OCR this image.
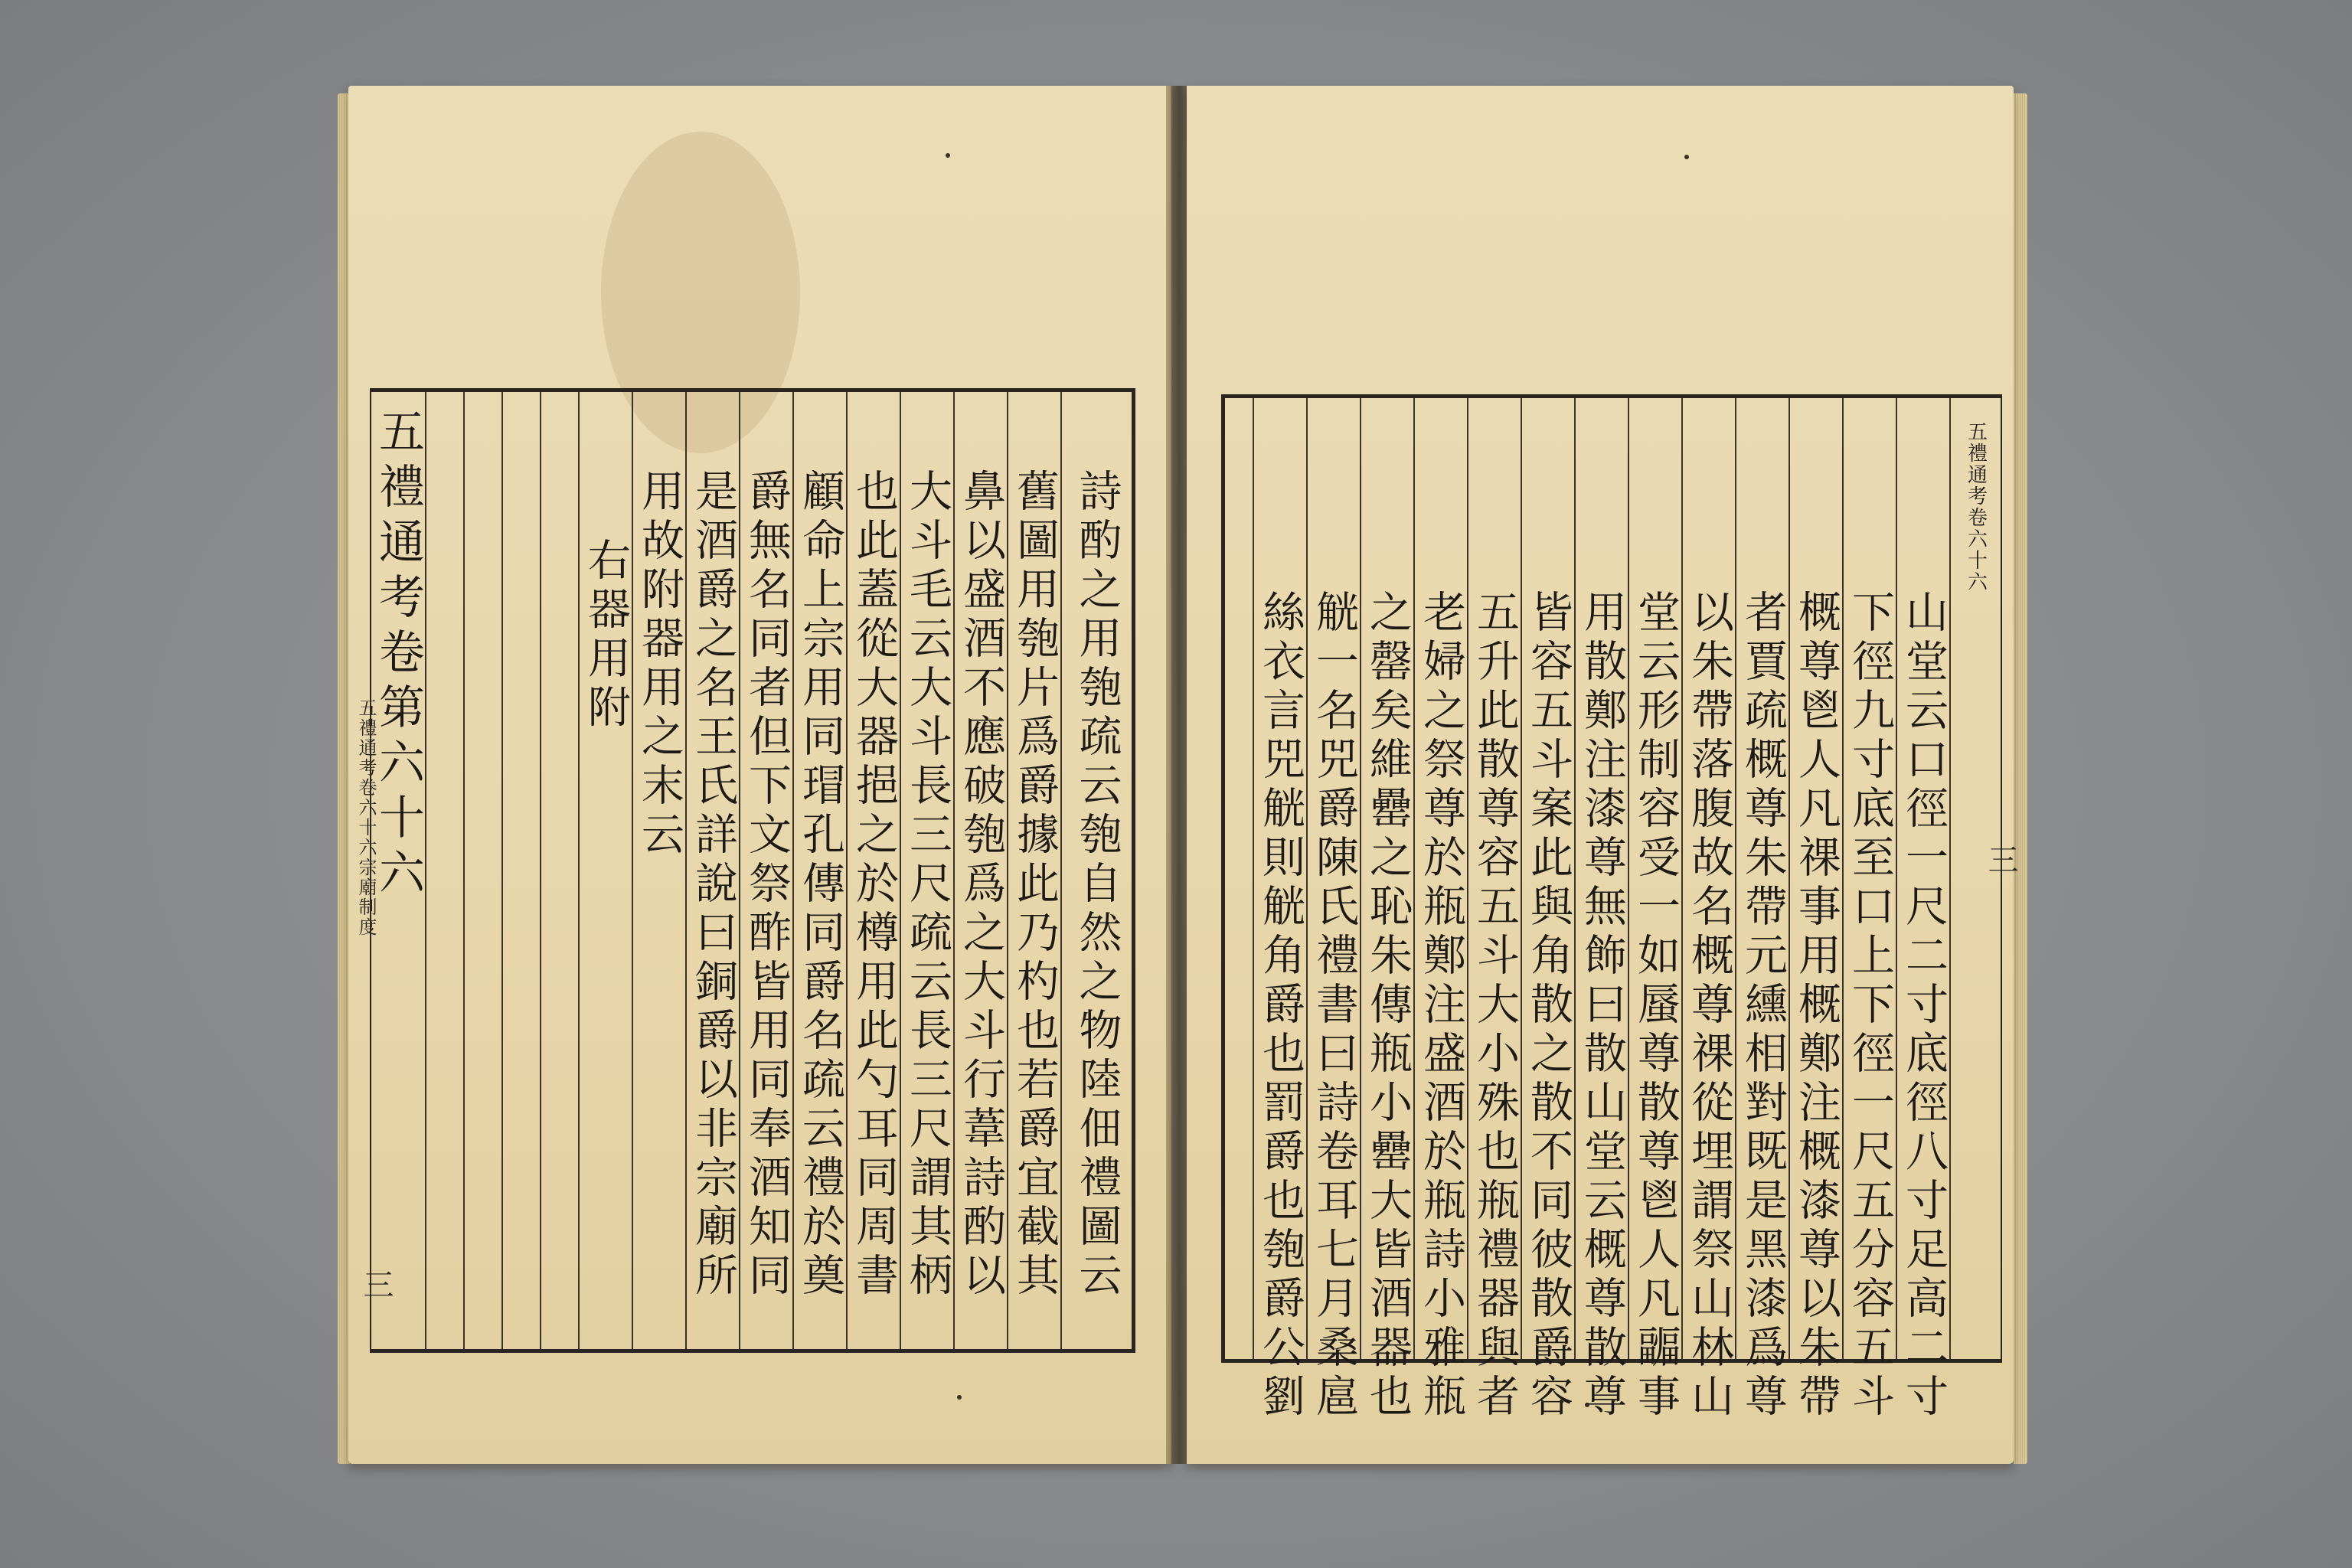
五禮通考卷六十六宗廟制度
五禮通考卷第六十六	右器用附 用故附器用之末云 是酒爵之名王氏詳說曰銅爵以非宗廟所 爵無名同者但下文祭酢皆用同奉酒知同 顧命上宗用同瑁孔傳同爵名疏云禮於奠 也此蓋從大器挹之於樽用此勺耳同周書 大斗毛云大斗長三尺疏云長三尺謂其柄 鼻以盛酒不應破匏爲之大斗行葦詩酌以 舊圖用匏片爲爵據此乃杓也若爵宜截其 詩酌之用匏疏云匏自然之物陸佃禮圖云
三	絲衣言兕觥則觥角爵也罰爵也匏爵公劉 觥一名兕爵陳氏禮書曰詩卷耳七月桑扈 之罄矣維罍之恥朱傳瓶小罍大皆酒器也 老婦之祭尊於瓶鄭注盛酒於瓶詩小雅瓶 五升此散尊容五斗大小殊也瓶禮器與者 皆容五斗案此與角散之散不同彼散爵容 用散鄭注漆尊無飾曰散山堂云概尊散尊 堂云形制容受一如蜃尊散尊鬯人凡疈事 以朱帶落腹故名概尊祼從埋謂祭山林山 者賈疏概尊朱帶元纁相對既是黑漆爲尊 概尊鬯人凡祼事用概鄭注概漆尊以朱帶 下徑九寸底至口上下徑一尺五分容五斗 山堂云口徑一尺二寸底徑八寸足高二寸
五禮通考卷六十六
三
